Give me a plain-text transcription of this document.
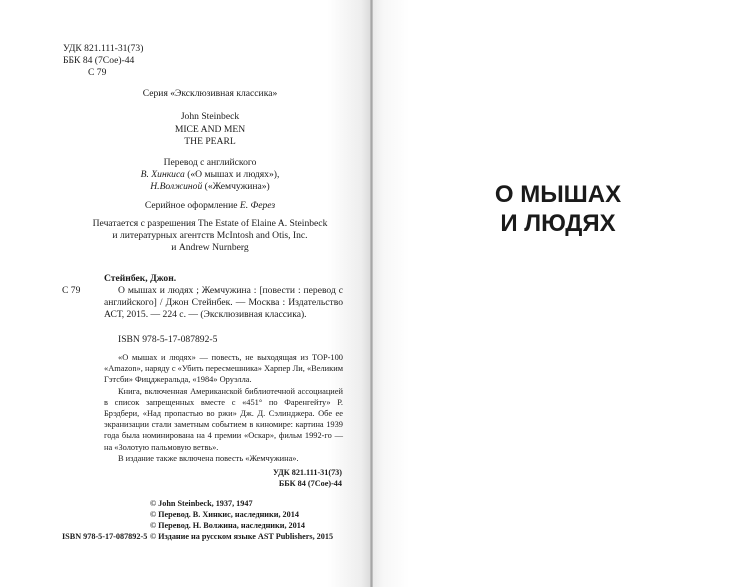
УДК 821.111-31(73)
ББК 84 (7Сое)-44
С 79
Серия «Эксклюзивная классика»
John Steinbeck
MICE AND MEN
THE PEARL
Перевод с английского
В. Хинкиса («О мышах и людях»),
Н.Волжиной («Жемчужина»)
Серийное оформление Е. Ферез
Печатается с разрешения The Estate of Elaine A. Steinbeck
и литературных агентств McIntosh and Otis, Inc.
и Andrew Nurnberg
Стейнбек, Джон.
С 79	О мышах и людях ; Жемчужина : [повести : перевод с английского] / Джон Стейнбек. — Москва : Издательство АСТ, 2015. — 224 с. — (Эксклюзивная классика).

ISBN 978-5-17-087892-5

«О мышах и людях» — повесть, не выходящая из TOP-100 «Amazon», наряду с «Убить пересмешника» Харпер Ли, «Великим Гэтсби» Фицджеральда, «1984» Оруэлла.

Книга, включенная Американской библиотечной ассоциацией в список запрещенных вместе с «451° по Фаренгейту» Р. Брэдбери, «Над пропастью во ржи» Дж. Д. Сэлинджера. Обе ее экранизации стали заметным событием в киномире: картина 1939 года была номинирована на 4 премии «Оскар», фильм 1992-го — на «Золотую пальмовую ветвь».

В издание также включена повесть «Жемчужина».

УДК 821.111-31(73)
ББК 84 (7Сое)-44
© John Steinbeck, 1937, 1947
© Перевод. В. Хинкис, наследники, 2014
© Перевод. Н. Волжина, наследники, 2014
ISBN 978-5-17-087892-5 © Издание на русском языке AST Publishers, 2015
О МЫШАХ
И ЛЮДЯХ
